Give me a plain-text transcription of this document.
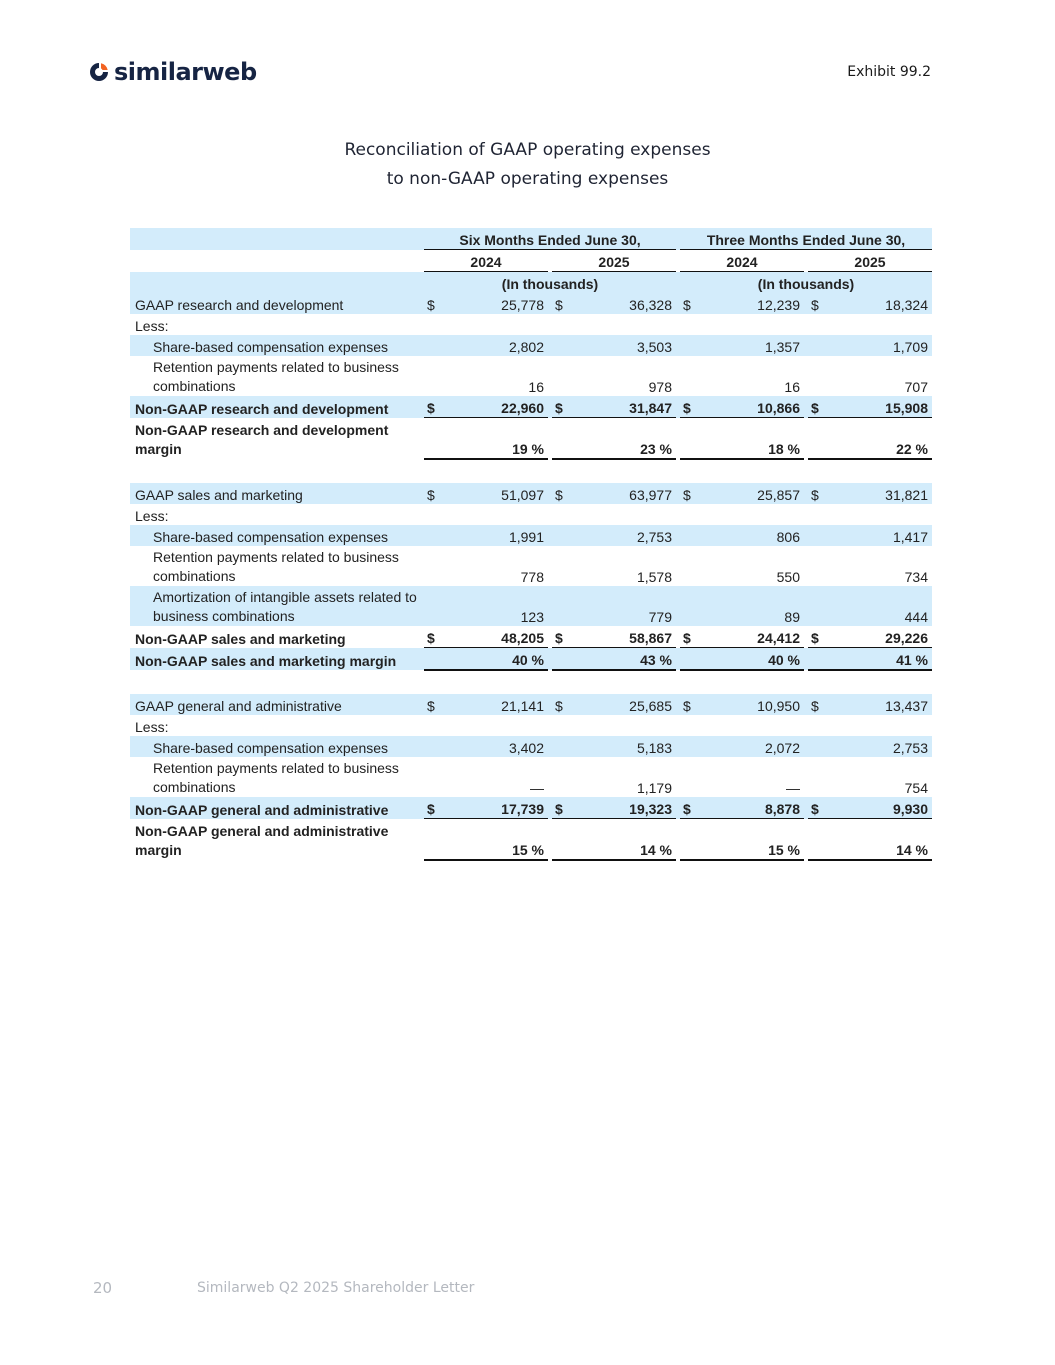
similarweb	Exhibit 99.2
Reconciliation of GAAP operating expenses
to non-GAAP operating expenses
	Six Months Ended June 30,						Three Months Ended June 30,				
	2024			2025			2024			2025	
	(In thousands)						(In thousands)				
GAAP research and development	$	25,778		$	36,328		$	12,239		$	18,324
Less:											
Share-based compensation expenses		2,802			3,503			1,357			1,709
Retention payments related to business combinations		16			978			16			707
Non-GAAP research and development	$	22,960		$	31,847		$	10,866		$	15,908
Non-GAAP research and development margin		19 %			23 %			18 %			22 %

GAAP sales and marketing	$	51,097		$	63,977		$	25,857		$	31,821
Less:											
Share-based compensation expenses		1,991			2,753			806			1,417
Retention payments related to business combinations		778			1,578			550			734
Amortization of intangible assets related to business combinations		123			779			89			444
Non-GAAP sales and marketing	$	48,205		$	58,867		$	24,412		$	29,226
Non-GAAP sales and marketing margin		40 %			43 %			40 %			41 %

GAAP general and administrative	$	21,141		$	25,685		$	10,950		$	13,437
Less:											
Share-based compensation expenses		3,402			5,183			2,072			2,753
Retention payments related to business combinations		—			1,179			—			754
Non-GAAP general and administrative	$	17,739		$	19,323		$	8,878		$	9,930
Non-GAAP general and administrative margin		15 %			14 %			15 %			14 %
20	Similarweb Q2 2025 Shareholder Letter
